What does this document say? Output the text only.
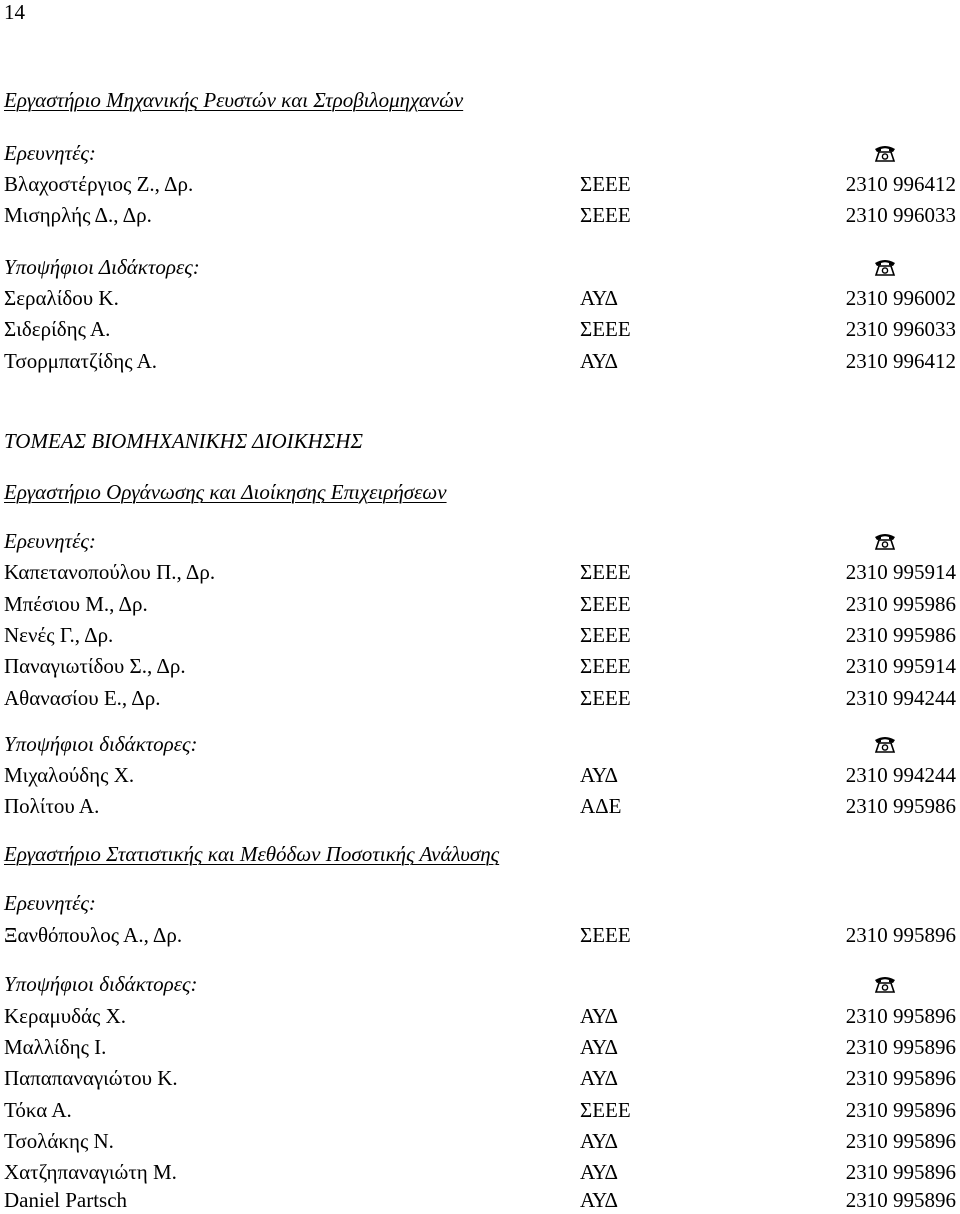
14
Εργαστήριο Μηχανικής Ρευστών και Στροβιλομηχανών
Ερευνητές:
Βλαχοστέργιος Ζ., Δρ.	ΣΕΕΕ	2310 996412
Μισηρλής Δ., Δρ.	ΣΕΕΕ	2310 996033
Υποψήφιοι Διδάκτορες:
Σεραλίδου Κ.	ΑΥΔ	2310 996002
Σιδερίδης Α.	ΣΕΕΕ	2310 996033
Τσορμπατζίδης Α.	ΑΥΔ	2310 996412
ΤΟΜΕΑΣ ΒΙΟΜΗΧΑΝΙΚΗΣ ΔΙΟΙΚΗΣΗΣ
Εργαστήριο Οργάνωσης και Διοίκησης Επιχειρήσεων
Ερευνητές:
Καπετανοπούλου Π., Δρ.	ΣΕΕΕ	2310 995914
Μπέσιου Μ., Δρ.	ΣΕΕΕ	2310 995986
Νενές Γ., Δρ.	ΣΕΕΕ	2310 995986
Παναγιωτίδου Σ., Δρ.	ΣΕΕΕ	2310 995914
Αθανασίου Ε., Δρ.	ΣΕΕΕ	2310 994244
Υποψήφιοι διδάκτορες:
Μιχαλούδης Χ.	ΑΥΔ	2310 994244
Πολίτου Α.	ΑΔΕ	2310 995986
Εργαστήριο Στατιστικής και Μεθόδων Ποσοτικής Ανάλυσης
Ερευνητές:
Ξανθόπουλος Α., Δρ.	ΣΕΕΕ	2310 995896
Υποψήφιοι διδάκτορες:
Κεραμυδάς Χ.	ΑΥΔ	2310 995896
Μαλλίδης Ι.	ΑΥΔ	2310 995896
Παπαπαναγιώτου Κ.	ΑΥΔ	2310 995896
Τόκα Α.	ΣΕΕΕ	2310 995896
Τσολάκης Ν.	ΑΥΔ	2310 995896
Χατζηπαναγιώτη Μ.	ΑΥΔ	2310 995896
Daniel Partsch	ΑΥΔ	2310 995896
